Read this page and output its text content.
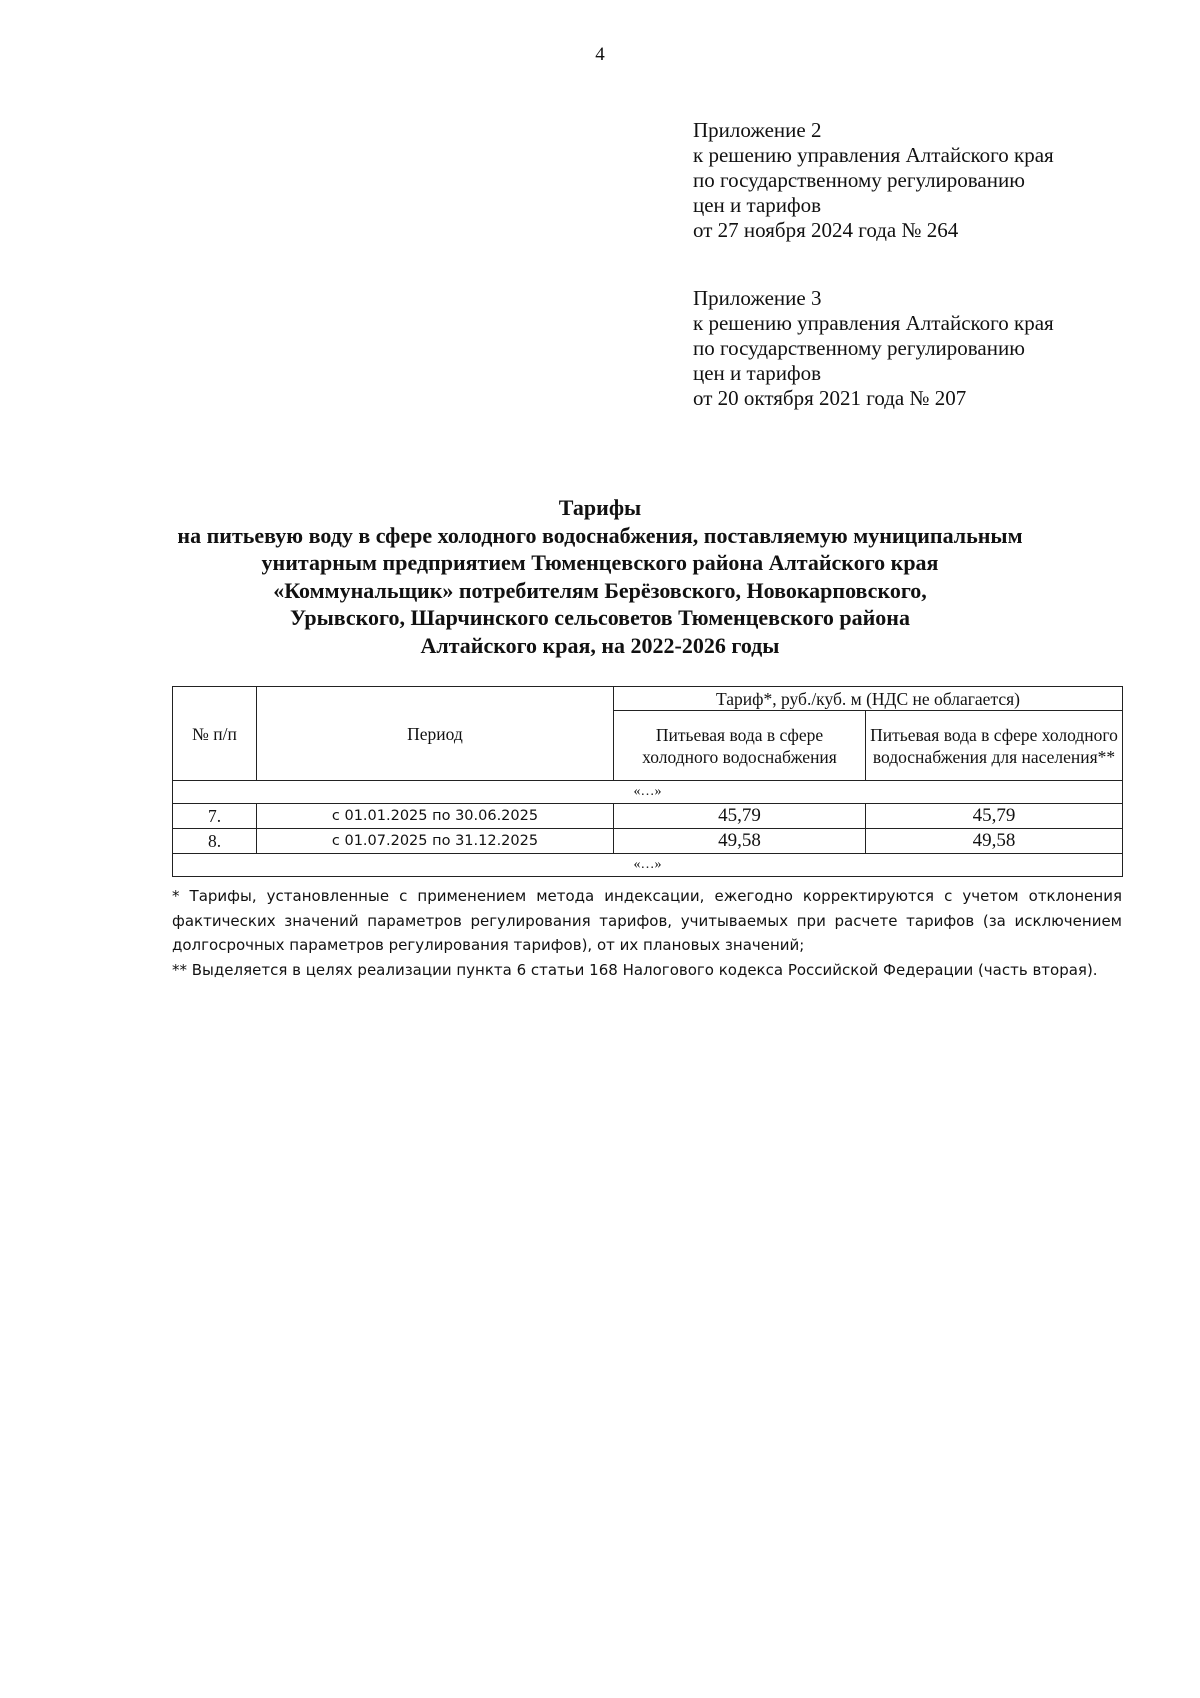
4
Приложение 2
к решению управления Алтайского края
по государственному регулированию
цен и тарифов
от 27 ноября 2024 года № 264
Приложение 3
к решению управления Алтайского края
по государственному регулированию
цен и тарифов
от 20 октября 2021 года № 207
Тарифы
на питьевую воду в сфере холодного водоснабжения, поставляемую муниципальным
унитарным предприятием Тюменцевского района Алтайского края
«Коммунальщик» потребителям Берёзовского, Новокарповского,
Урывского, Шарчинского сельсоветов Тюменцевского района
Алтайского края, на 2022-2026 годы
№ п/п	Период	Тариф*, руб./куб. м (НДС не облагается)	
		Питьевая вода в сфере холодного водоснабжения	Питьевая вода в сфере холодного водоснабжения для населения**
«…»			
7.	с 01.01.2025 по 30.06.2025	45,79	45,79
8.	с 01.07.2025 по 31.12.2025	49,58	49,58
«…»			

* Тарифы, установленные с применением метода индексации, ежегодно корректируются с учетом отклонения фактических значений параметров регулирования тарифов, учитываемых при расчете тарифов (за исключением долгосрочных параметров регулирования тарифов), от их плановых значений;

** Выделяется в целях реализации пункта 6 статьи 168 Налогового кодекса Российской Федерации (часть вторая).
